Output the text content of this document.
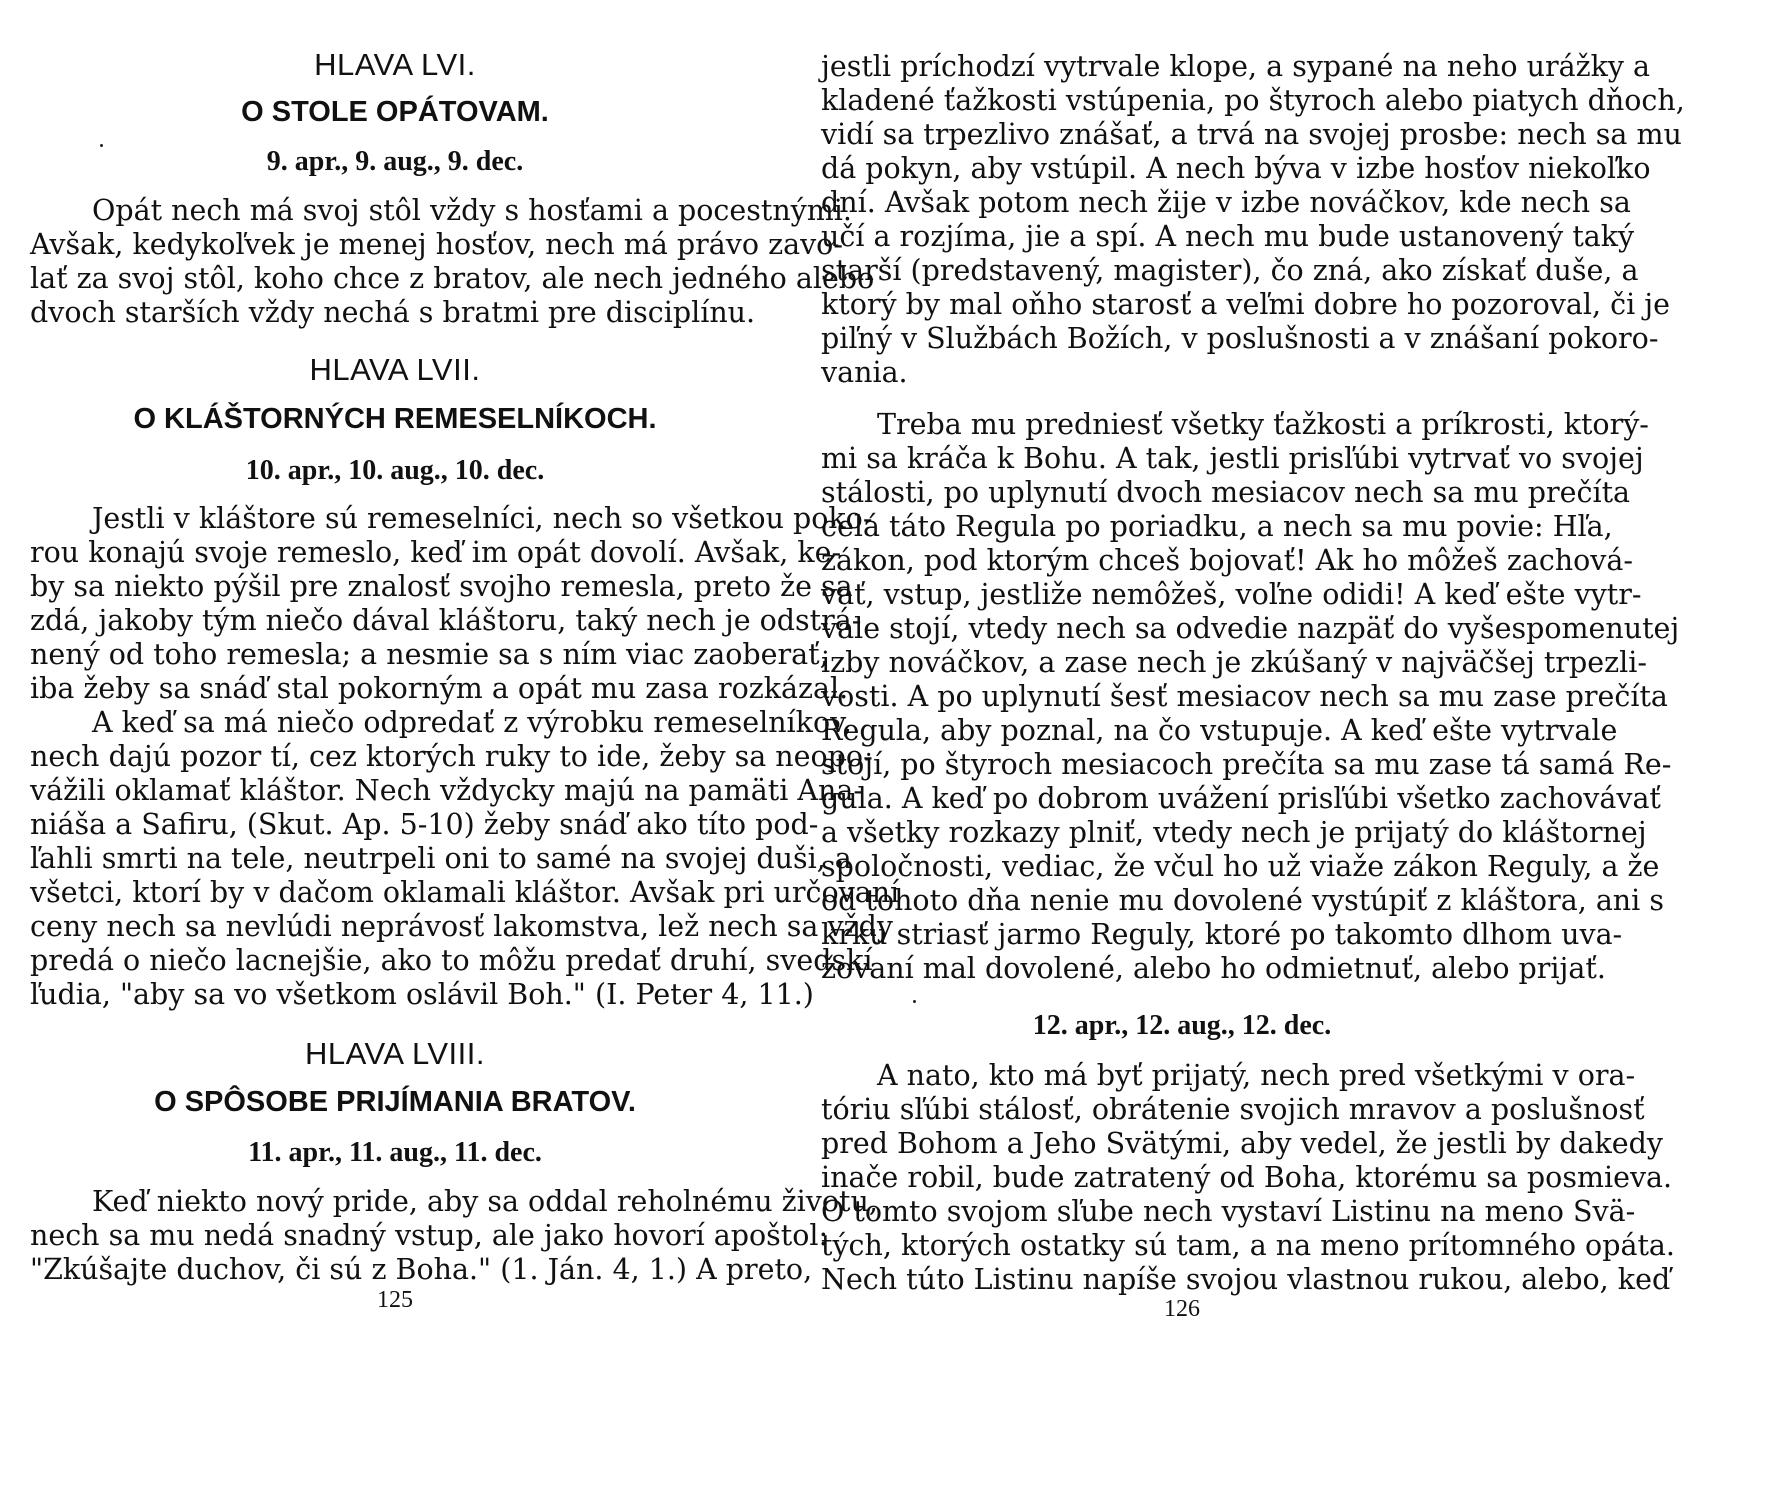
HLAVA LVI.
O STOLE OPÁTOVAM.
9. apr., 9. aug., 9. dec.
Opát nech má svoj stôl vždy s hosťami a pocestnými.
Avšak, kedykoľvek je menej hosťov, nech má právo zavo-
lať za svoj stôl, koho chce z bratov, ale nech jedného alebo
dvoch starších vždy nechá s bratmi pre disciplínu.
HLAVA LVII.
O KLÁŠTORNÝCH REMESELNÍKOCH.
10. apr., 10. aug., 10. dec.
Jestli v kláštore sú remeselníci, nech so všetkou poko-
rou konajú svoje remeslo, keď im opát dovolí. Avšak, ke-
by sa niekto pýšil pre znalosť svojho remesla, preto že sa
zdá, jakoby tým niečo dával kláštoru, taký nech je odstrá-
nený od toho remesla; a nesmie sa s ním viac zaoberať,
iba žeby sa snáď stal pokorným a opát mu zasa rozkázal.
A keď sa má niečo odpredať z výrobku remeselníkov,
nech dajú pozor tí, cez ktorých ruky to ide, žeby sa neopo-
vážili oklamať kláštor. Nech vždycky majú na pamäti Ana-
niáša a Safiru, (Skut. Ap. 5-10) žeby snáď ako títo pod-
ľahli smrti na tele, neutrpeli oni to samé na svojej duši, a
všetci, ktorí by v dačom oklamali kláštor. Avšak pri určovaní
ceny nech sa nevlúdi neprávosť lakomstva, lež nech sa vždy
predá o niečo lacnejšie, ako to môžu predať druhí, svedskí
ľudia, "aby sa vo všetkom oslávil Boh." (I. Peter 4, 11.)
HLAVA LVIII.
O SPÔSOBE PRIJÍMANIA BRATOV.
11. apr., 11. aug., 11. dec.
Keď niekto nový pride, aby sa oddal reholnému životu,
nech sa mu nedá snadný vstup, ale jako hovorí apoštol:
"Zkúšajte duchov, či sú z Boha." (1. Ján. 4, 1.) A preto,
125
jestli príchodzí vytrvale klope, a sypané na neho urážky a
kladené ťažkosti vstúpenia, po štyroch alebo piatych dňoch,
vidí sa trpezlivo znášať, a trvá na svojej prosbe: nech sa mu
dá pokyn, aby vstúpil. A nech býva v izbe hosťov niekoľko
dní. Avšak potom nech žije v izbe nováčkov, kde nech sa
učí a rozjíma, jie a spí. A nech mu bude ustanovený taký
starší (predstavený, magister), čo zná, ako získať duše, a
ktorý by mal oňho starosť a veľmi dobre ho pozoroval, či je
piľný v Službách Božích, v poslušnosti a v znášaní pokoro-
vania.
Treba mu predniesť všetky ťažkosti a príkrosti, ktorý-
mi sa kráča k Bohu. A tak, jestli prisľúbi vytrvať vo svojej
stálosti, po uplynutí dvoch mesiacov nech sa mu prečíta
celá táto Regula po poriadku, a nech sa mu povie: Hľa,
zákon, pod ktorým chceš bojovať! Ak ho môžeš zachová-
vať, vstup, jestliže nemôžeš, voľne odidi! A keď ešte vytr-
vale stojí, vtedy nech sa odvedie nazpäť do vyšespomenutej
izby nováčkov, a zase nech je zkúšaný v najväčšej trpezli-
vosti. A po uplynutí šesť mesiacov nech sa mu zase prečíta
Regula, aby poznal, na čo vstupuje. A keď ešte vytrvale
stojí, po štyroch mesiacoch prečíta sa mu zase tá samá Re-
gula. A keď po dobrom uvážení prisľúbi všetko zachovávať
a všetky rozkazy plniť, vtedy nech je prijatý do kláštornej
spoločnosti, vediac, že včul ho už viaže zákon Reguly, a že
od tohoto dňa nenie mu dovolené vystúpiť z kláštora, ani s
krku striasť jarmo Reguly, ktoré po takomto dlhom uva-
žovaní mal dovolené, alebo ho odmietnuť, alebo prijať.
12. apr., 12. aug., 12. dec.
A nato, kto má byť prijatý, nech pred všetkými v ora-
tóriu sľúbi stálosť, obrátenie svojich mravov a poslušnosť
pred Bohom a Jeho Svätými, aby vedel, že jestli by dakedy
inače robil, bude zatratený od Boha, ktorému sa posmieva.
O tomto svojom sľube nech vystaví Listinu na meno Svä-
tých, ktorých ostatky sú tam, a na meno prítomného opáta.
Nech túto Listinu napíše svojou vlastnou rukou, alebo, keď
126
